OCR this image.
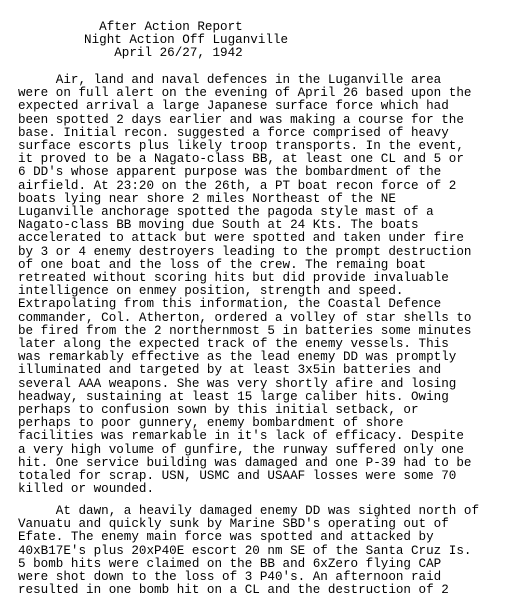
After Action Report
Night Action Off Luganville
April 26/27, 1942
Air, land and naval defences in the Luganville area
were on full alert on the evening of April 26 based upon the
expected arrival a large Japanese surface force which had
been spotted 2 days earlier and was making a course for the
base. Initial recon. suggested a force comprised of heavy
surface escorts plus likely troop transports. In the event,
it proved to be a Nagato-class BB, at least one CL and 5 or
6 DD's whose apparent purpose was the bombardment of the
airfield. At 23:20 on the 26th, a PT boat recon force of 2
boats lying near shore 2 miles Northeast of the NE
Luganville anchorage spotted the pagoda style mast of a
Nagato-class BB moving due South at 24 Kts. The boats
accelerated to attack but were spotted and taken under fire
by 3 or 4 enemy destroyers leading to the prompt destruction
of one boat and the loss of the crew. The remaing boat
retreated without scoring hits but did provide invaluable
intelligence on enmey position, strength and speed.
Extrapolating from this information, the Coastal Defence
commander, Col. Atherton, ordered a volley of star shells to
be fired from the 2 northernmost 5 in batteries some minutes
later along the expected track of the enemy vessels. This
was remarkably effective as the lead enemy DD was promptly
illuminated and targeted by at least 3x5in batteries and
several AAA weapons. She was very shortly afire and losing
headway, sustaining at least 15 large caliber hits. Owing
perhaps to confusion sown by this initial setback, or
perhaps to poor gunnery, enemy bombardment of shore
facilities was remarkable in it's lack of efficacy. Despite
a very high volume of gunfire, the runway suffered only one
hit. One service building was damaged and one P-39 had to be
totaled for scrap. USN, USMC and USAAF losses were some 70
killed or wounded.
At dawn, a heavily damaged enemy DD was sighted north of
Vanuatu and quickly sunk by Marine SBD's operating out of
Efate. The enemy main force was spotted and attacked by
40xB17E's plus 20xP40E escort 20 nm SE of the Santa Cruz Is.
5 bomb hits were claimed on the BB and 6xZero flying CAP
were shot down to the loss of 3 P40's. An afternoon raid
resulted in one bomb hit on a CL and the destruction of 2
